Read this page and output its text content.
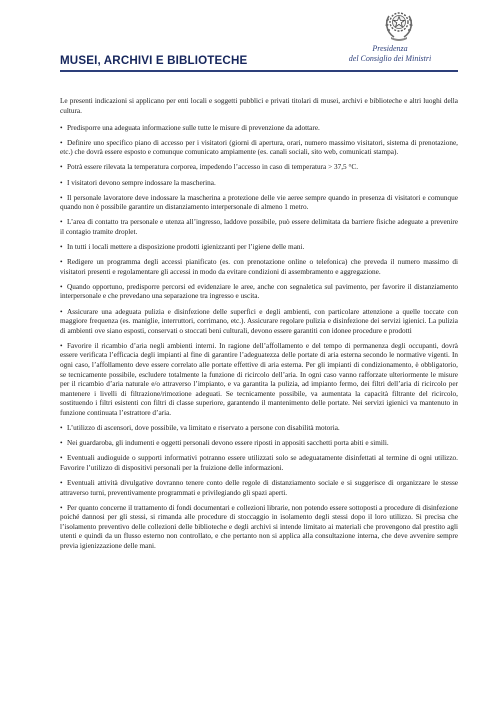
Presidenza
del Consiglio dei Ministri
MUSEI, ARCHIVI E BIBLIOTECHE

Le presenti indicazioni si applicano per enti locali e soggetti pubblici e privati titolari di musei, archivi e biblioteche e altri luoghi della cultura.

• Predisporre una adeguata informazione sulle tutte le misure di prevenzione da adottare.

• Definire uno specifico piano di accesso per i visitatori (giorni di apertura, orari, numero massimo visitatori, sistema di prenotazione, etc.) che dovrà essere esposto e comunque comunicato ampiamente (es. canali sociali, sito web, comunicati stampa).

• Potrà essere rilevata la temperatura corporea, impedendo l’accesso in caso di temperatura > 37,5 °C.

• I visitatori devono sempre indossare la mascherina.

• Il personale lavoratore deve indossare la mascherina a protezione delle vie aeree sempre quando in presenza di visitatori e comunque quando non è possibile garantire un distanziamento interpersonale di almeno 1 metro.

• L’area di contatto tra personale e utenza all’ingresso, laddove possibile, può essere delimitata da barriere fisiche adeguate a prevenire il contagio tramite droplet.

• In tutti i locali mettere a disposizione prodotti igienizzanti per l’igiene delle mani.

• Redigere un programma degli accessi pianificato (es. con prenotazione online o telefonica) che preveda il numero massimo di visitatori presenti e regolamentare gli accessi in modo da evitare condizioni di assembramento e aggregazione.

• Quando opportuno, predisporre percorsi ed evidenziare le aree, anche con segnaletica sul pavimento, per favorire il distanziamento interpersonale e che prevedano una separazione tra ingresso e uscita.

• Assicurare una adeguata pulizia e disinfezione delle superfici e degli ambienti, con particolare attenzione a quelle toccate con maggiore frequenza (es. maniglie, interruttori, corrimano, etc.). Assicurare regolare pulizia e disinfezione dei servizi igienici. La pulizia di ambienti ove siano esposti, conservati o stoccati beni culturali, devono essere garantiti con idonee procedure e prodotti

• Favorire il ricambio d’aria negli ambienti interni. In ragione dell’affollamento e del tempo di permanenza degli occupanti, dovrà essere verificata l’efficacia degli impianti al fine di garantire l’adeguatezza delle portate di aria esterna secondo le normative vigenti. In ogni caso, l’affollamento deve essere correlato alle portate effettive di aria esterna. Per gli impianti di condizionamento, è obbligatorio, se tecnicamente possibile, escludere totalmente la funzione di ricircolo dell’aria. In ogni caso vanno rafforzate ulteriormente le misure per il ricambio d’aria naturale e/o attraverso l’impianto, e va garantita la pulizia, ad impianto fermo, dei filtri dell’aria di ricircolo per mantenere i livelli di filtrazione/rimozione adeguati. Se tecnicamente possibile, va aumentata la capacità filtrante del ricircolo, sostituendo i filtri esistenti con filtri di classe superiore, garantendo il mantenimento delle portate. Nei servizi igienici va mantenuto in funzione continuata l’estrattore d’aria.

• L’utilizzo di ascensori, dove possibile, va limitato e riservato a persone con disabilità motoria.

• Nei guardaroba, gli indumenti e oggetti personali devono essere riposti in appositi sacchetti porta abiti e simili.

• Eventuali audioguide o supporti informativi potranno essere utilizzati solo se adeguatamente disinfettati al termine di ogni utilizzo. Favorire l’utilizzo di dispositivi personali per la fruizione delle informazioni.

• Eventuali attività divulgative dovranno tenere conto delle regole di distanziamento sociale e si suggerisce di organizzare le stesse attraverso turni, preventivamente programmati e privilegiando gli spazi aperti.

• Per quanto concerne il trattamento di fondi documentari e collezioni librarie, non potendo essere sottoposti a procedure di disinfezione poiché dannosi per gli stessi, si rimanda alle procedure di stoccaggio in isolamento degli stessi dopo il loro utilizzo. Si precisa che l’isolamento preventivo delle collezioni delle biblioteche e degli archivi si intende limitato ai materiali che provengono dal prestito agli utenti e quindi da un flusso esterno non controllato, e che pertanto non si applica alla consultazione interna, che deve avvenire sempre previa igienizzazione delle mani.
